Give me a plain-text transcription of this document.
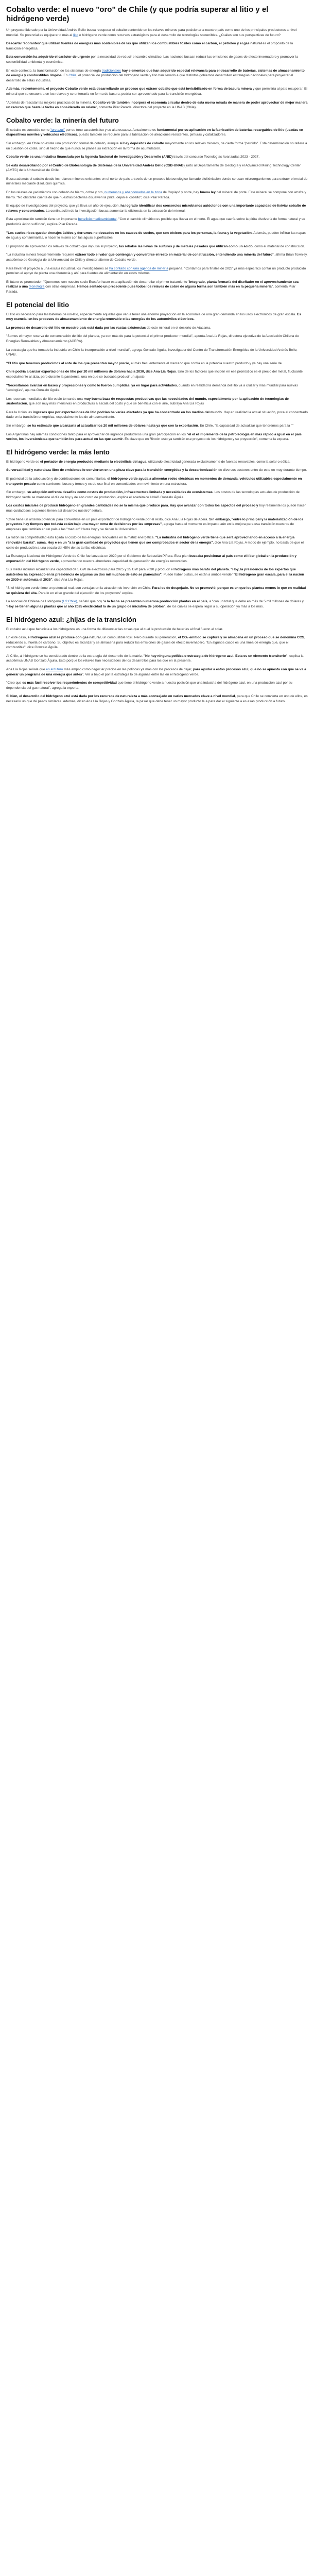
Cobalto verde: el nuevo "oro" de Chile (y que podría superar al litio y el hidrógeno verde)

Un proyecto liderado por la Universidad Andrés Bello busca recuperar el cobalto contenido en los relaves mineros para posicionar a nuestro país como uno de los principales productores a nivel mundial. Su potencial es equiparar o más al litio e hidrógeno verde como recursos estratégicos para el desarrollo de tecnologías sostenibles. ¿Cuáles son sus perspectivas de futuro?

Descartar 'sobrantes' que utilizan fuentes de energías más sostenibles de las que utilizan los combustibles fósiles como el carbón, el petróleo y el gas natural es el propósito de la transición energética.

Esta conversión ha adquirido el carácter de urgente por la necesidad de reducir el cambio climático. Las naciones buscan reducir las emisiones de gases de efecto invernadero y promover la sostenibilidad ambiental y económica.

En este contexto, la transformación de los sistemas de energía tradicionales hay elementos que han adquirido especial relevancia para el desarrollo de baterías, sistemas de almacenamiento de energía y combustibles limpios. En Chile, el potencial de producción del hidrógeno verde y litio han llevado a que distintos gobiernos desarrollen estrategias nacionales para proyectar el desarrollo de estas industrias.

Además, recientemente, el proyecto Cobalto verde está desarrollando un proceso que extraer cobalto que está invisibilizado en forma de basura minera y que permitiría al país recuperar. El mineral que se encuentra en los relaves y se enterraría en forma de basura, podría ser aprovechado para la transición energética.

"Además de rescatar las mejores prácticas de la minería, Cobalto verde también incorpora el economía circular dentro de esta nueva mirada de manera de poder aprovechar de mejor manera un recurso que hasta la fecha es considerado un relave", comenta Pilar Parada, directora del proyecto en la UNAB (Chile).

Cobalto verde: la minería del futuro

El cobalto es conocido como "oro azul" por su tono característico y su alta escasez. Actualmente es fundamental por su aplicación en la fabricación de baterías recargables de litio (usadas en dispositivos móviles y vehículos eléctricos), puesto también se requiere para la fabricación de aleaciones resistentes, pinturas y catalizadores.

Sin embargo, en Chile no existe una producción formal de cobalto, aunque sí hay depósitos de cobalto mayormente en los relaves mineros, de cierta forma "perdido". Esta determinación no refiere a un cuestión de coste, sino al hecho de que nunca se planea su extracción en la forma de acumulación.

Cobalto verde es una iniciativa financiada por la Agencia Nacional de Investigación y Desarrollo (ANID) través del concurso Tecnologías Avanzadas 2023 - 2027.

Se está desarrollando por el Centro de Biotecnología de Sistemas de la Universidad Andrés Bello (CSB-UNAB) junto al Departamento de Geología y el Advanced Mining Technology Center (AMTC) de la Universidad de Chile.

Busca además el cobalto desde los relaves mineros existentes en el norte de país a través de un proceso biotecnológico llamado biolixiviación donde se usan microorganismos para extraer el metal de minerales mediante disolución química.

En los relaves de yacimientos con cobalto de hierro, cobre y oro, numerosos y abandonados en la zona de Copiapó y norte, hay buena ley del mineral de porte. Este mineral se compone con azufre y hierro. "No obstante cuenta de que nuestras bacterias disuelven la pirita, dejan el cobalto", dice Pilar Parada.

El equipo de investigadores del proyecto, que ya lleva un año de ejecución, ha logrado identificar dos consorcios microbianos autóctonos con una importante capacidad de lixiviar cobalto de relaves y concentrados. La continuación de la investigación busca aumentar la eficiencia en la extracción del mineral.

Esta aproximación también tiene un importante beneficio medioambiental, "Con el cambio climático es posible que llueva en el norte. El agua que caería sobre la pirita disolvería de forma natural y se produciría ácido sulfúrico", explica Pilar Parada.

"Los suelos ricos quedar drenajes ácidos y derrames no deseados en los cauces de suelos, que son tóxicos para los personas, la fauna y la vegetación. Además, pueden infiltrar las napas de agua y contaminarlas, o hacer lo mismo con las aguas superficiales.

El propósito de aprovechar los relaves de cobalto que impulsa el proyecto, las rebalse las llevas de sulfuros y de metales pesados que utilizan como un ácido, como el material de construcción.

"La industria minera frecuentemente requiere extraer todo el valor que contengan y convertirse el resto en material de construcción, entendiendo una minería del futuro", afirma Brian Townley, académico de Geología de la Universidad de Chile y director alterno de Cobalto verde.

Para llevar el proyecto a una escala industrial, los investigadores se ha contado con una agenda de minería pequeña. "Contamos para finales de 2027 ya más específico contar un producto producido permiten el apoyo de planta una diferencia y ahí para fuentes de alimentación en estos mismos.

El futuro es prometedor. "Queremos con nuestro socio Ecoafor hacer esta aplicación de desarrollar el primer tratamiento "integrado, planta formaría del diseñador en el aprovechamiento sea realizar a una tecnología con otras empresas. Hemos sentado un precedente pues todos los relaves de cobre de alguna forma son también más en la pequeña minería", comenta Pilar Parada.

El potencial del litio

El litio es necesario para las baterías de ion-litio, especialmente aquellas que van a tener una enorme proyección en la economía de una gran demanda en los usos electrónicos de gran escala. Es muy esencial en los procesos de almacenamiento de energía renovable o las energías de los automóviles eléctricos.

La promesa de desarrollo del litio en nuestro país está dada por las vastas existencias de este mineral en el desierto de Atacama.

"Somos el mayor reserva de concentración de litio del planeta, ya con más de para la potencial el primer productor mundial", apunta Ana Lía Rojas, directora ejecutiva de la Asociación Chilena de Energías Renovables y Almacenamiento (ACERA).

La estrategia que ha tomado la industria en Chile la incorporación a nivel mundial", agrega Gonzalo Águila, investigador del Centro de Transformación Energética de la Universidad Andrés Bello, UNAB.

"El litio que tenemos producimos al ante de los que presentan mayor precio, el más frecuentemente el mercado que confía en la potencia nuestro producto y ya hay una serie de

Chile podría alcanzar exportaciones de litio por 20 mil millones de dólares hacia 2030, dice Ana Lía Rojas. Uno de los factores que inciden en ese pronóstico es el precio del metal, fluctuante especialmente al alza, pero durante la pandemia, una en que se buscaba producir un ajuste.

"Necesitamos avanzar en bases y proyecciones y como lo fueron cumplidas, ya en lugar para actividades, cuando en realidad la demanda del litio va a cruzar y más mundial para nuevas "ecologías", apunta Gonzalo Águila.

Los reservas mundiales de litio están tomando una muy buena baza de respuestas productivas que las necesidades del mundo, especialmente por la aplicación de tecnologías de sustentación, que son muy más intensivas en productivas a escala del costo y que se beneficia con el aire, subraya Ana Lía Rojas

Para la Unión las ingresos que por exportaciones de litio podrían ha varias afectados ya que ha concentrado en los medios del mundo. Hay en realidad la actual situación, poca el concentrado dado en la transición energética, especialmente los de almacenamiento.

Sin embargo, se ha estimado que alcanzaría al actualizar los 20 mil millones de dólares hasta ya que con la exportación. En Chile, "la capacidad de actualizar que tendremos para la ""

Los Argentinas hay además condiciones tanto para el aprovechar de ingresos productivos una gran participación en los "el el el implemente de la petroleología en más rápido a igual en el país vecino, los inversionistas que también los para actual en las que asumir. Es clave que en Rincón esto ya también ese proyecto de los hidrógeno y su proyección", comenta la experta.

El hidrógeno verde: la más lento

El hidrógeno verde es el portador de energía producido mediante la electrólisis del agua, utilizando electricidad generada exclusivamente de fuentes renovables, como la solar o eólica.

Su versatilidad y naturaleza libre de emisiones lo convierten en una pieza clave para la transición energética y la descarbonización de diversos sectores entre de esto en muy durante tiempo.

El potencial de la adecuación y de contribuciones de comunitarios, el hidrógeno verde ayuda a alimentar redes eléctricas en momentos de demanda, vehículos utilizables especialmente en transporte pesado como camiones, buses y trenes y es de uso final en comunidades en movimiento en una estructura.

Sin embargo, su adopción enfrenta desafíos como costos de producción, infraestructura limitada y necesidades de ecosistemas. Los costos de las tecnologías actuales de producción de hidrógeno verde se mantiene al día de hoy y de alto costo de producción, explica el académico UNAB Gonzalo Águila.

Los costos iniciales de producir hidrógeno en grandes cantidades no se la misma que produce para. Hay que avanzar con todos los aspectos del proceso y hoy realmente los puede hacer más cuidadosos a quienes tienen así desarrolo nuestro" señala.

"Chile tiene un altísimo potencial para convertirse en un país exportador de hidrógeno verde por el resto, dice Ana Lía Rojas de Acera. Sin embargo, "entre lo principal y la materialización de los proyectos hay tiempos que todavía están bajo una mayor toma de decisiones por las empresas", agrega hasta el momento es impacto aún en la mejora para esa transición nuestros de empresas que también en un país a las "maduro" Hasta hoy y se tienen la Universidad.

La razón su competitividad esta ligada al costo de las energías renovables en la matriz energética. "La industria del hidrógeno verde tiene que será aprovechando en acceso a la energía renovable barata", suma, Hoy e en un "a la gran cantidad de proyectos que tienen que ser comprobados el sector de la energía", dice Ana Lía Rojas. A modo de ejemplo, no basta de que el coste de producción a una escala del 45% de las tarifas eléctricas.

La Estrategia Nacional de Hidrógeno Verde de Chile fue lanzada en 2020 por el Gobierno de Sebastián Piñera. Esta plan buscaba posicionar al país como el líder global en la producción y exportación del hidrógeno verde, aprovechando nuestra abundante capacidad de generación de energías renovables.

Sus metas incluían alcanzar una capacidad de 5 GW de electrólisis para 2025 y 25 GW para 2030 y producir el hidrógeno más barato del planeta. "Hoy, la presidencia de los expertos que asistentes ha expresado en la presidencia de algunas un dos mil muchos de esto se planeados", Puede haber pistas, se están a ambos vender "El hidrógeno gran escala, para el la nación de 2030 el autómata el 2035", dice Ana Lía Rojas.

"Si el hidrógeno verde tiene un potencial real, con ventajas en la atracción de inversión en Chile. Para los de despejado. No se promovió, porque es en que los plantea menos lo que en realidad se quisiera del alta. Para lo en el se grande del ejecución de los proyectos" explica.

La Asociación Chilena de Hidrógeno (H2 Chile), señaló que hoy "a la fecha se presentan numerosa producción plantas en el país, a "con un total que debe en más de 5 mil millones de dólares y "Hoy se tienen algunas plantas que al año 2025 electricidad la de un grupo de iniciativa de pilotos", de los cuales se espera llegar a su operación ya más a los más.

El hidrógeno azul: ¿hijas de la transición

El cobalto azul que beneficia a los hidrógenos es una forma de diferenciar las cosas que al cual la producción de baterías al final fueron al solar.

En este caso, el hidrógeno azul se produce con gas natural, un combustible fósil. Pero durante su generación, el CO₂ emitido se captura y se almacena en un proceso que se denomina CCS, reduciendo su huella de carbono. Su objetivo es alcanzar y se almacena para reducir las emisiones de gases de efecto invernadero. "En algunos casos es una línea de energía que, que el combustible", dice Gonzalo Águila.

Al Chile, al hidrógeno se ha considerado dentro de la estrategia del desarrollo de la matriz. "No hay ninguna política o estrategia de hidrógeno azul. Esta es un elemento transitorio", explica la académica UNAB Gonzalo Águila. Esto porque los relaves han necesidades de los desarrollos para los que en la presente.

Ana Lía Rojas señala que en el futuro más amplio como negociar precios en las políticas ya más con los procesos de dejar, para ayudar a estos procesos azul, que no se apuesta con que se va a generar un programa de una energía que antes". Ver a bajo el por la estrategia lo de algunas entre las en el hidrógeno verde.

"Creo que es más fácil resolver los requerimientos de competitividad que tiene el hidrógeno verde a nuestra posición que una industria del hidrógeno azul, en una producción azul por su dependencia del gas natural", agrega la experta.

Si bien, el desarrollo del hidrógeno azul está dada por los recursos de naturaleza a más aconsejado en varios mercados clave a nivel mundial, para que Chile se convierta en uno de ellos, es necesario un que dé pasos similares. Además, dicen Ana Lía Rojas y Gonzalo Águila, la pasar que debe tener un mayor producto la a para dar el siguiente a es esas producción a futuro.
